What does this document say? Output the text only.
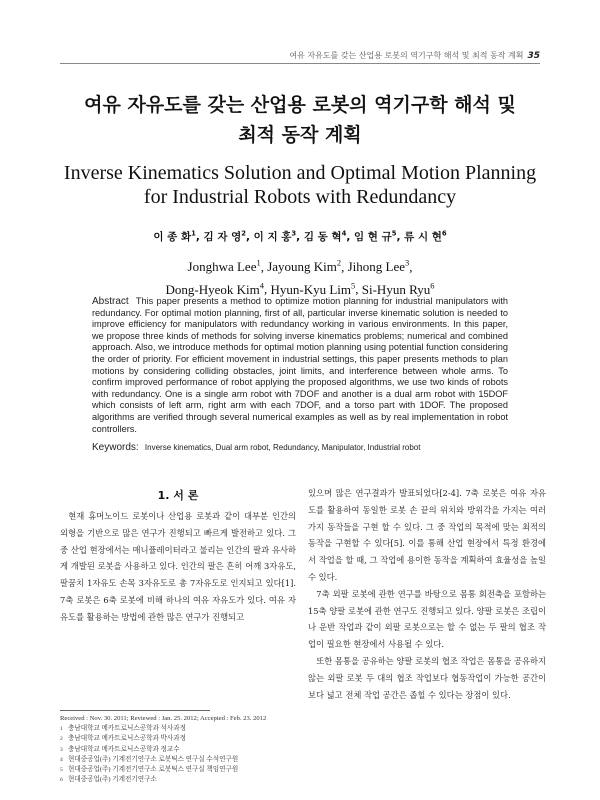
여유 자유도를 갖는 산업용 로봇의 역기구학 해석 및 최적 동작 계획 35
여유 자유도를 갖는 산업용 로봇의 역기구학 해석 및
최적 동작 계획
Inverse Kinematics Solution and Optimal Motion Planning
for Industrial Robots with Redundancy
이 종 화$^1$, 김 자 영$^2$, 이 지 홍$^3$, 김 동 혁$^4$, 임 현 규$^5$, 류 시 현$^6$
Jonghwa Lee$^1$, Jayoung Kim$^2$, Jihong Lee$^3$,
Dong-Hyeok Kim$^4$, Hyun-Kyu Lim$^5$, Si-Hyun Ryu$^6$
Abstract This paper presents a method to optimize motion planning for industrial manipulators with redundancy. For optimal motion planning, first of all, particular inverse kinematic solution is needed to improve efficiency for manipulators with redundancy working in various environments. In this paper, we propose three kinds of methods for solving inverse kinematics problems; numerical and combined approach. Also, we introduce methods for optimal motion planning using potential function considering the order of priority. For efficient movement in industrial settings, this paper presents methods to plan motions by considering colliding obstacles, joint limits, and interference between whole arms. To confirm improved performance of robot applying the proposed algorithms, we use two kinds of robots with redundancy. One is a single arm robot with 7DOF and another is a dual arm robot with 15DOF which consists of left arm, right arm with each 7DOF, and a torso part with 1DOF. The proposed algorithms are verified through several numerical examples as well as by real implementation in robot controllers.
Keywords: Inverse kinematics, Dual arm robot, Redundancy, Manipulator, Industrial robot
1. 서 론

현재 휴머노이드 로봇이나 산업용 로봇과 같이 대부분 인간의 외형을 기반으로 많은 연구가 진행되고 빠르게 발전하고 있다. 그 중 산업 현장에서는 매니퓰레이터라고 불리는 인간의 팔과 유사하게 개발된 로봇을 사용하고 있다. 인간의 팔은 흔히 어깨 3자유도, 팔꿈치 1자유도 손목 3자유도로 총 7자유도로 인지되고 있다[1]. 7축 로봇은 6축 로봇에 비해 하나의 여유 자유도가 있다. 여유 자유도를 활용하는 방법에 관한 많은 연구가 진행되고

있으며 많은 연구결과가 발표되었다[2-4]. 7축 로봇은 여유 자유도를 활용하여 동일한 로봇 손 끝의 위치와 방위각을 가지는 여러 가지 동작들을 구현 할 수 있다. 그 중 작업의 목적에 맞는 최적의 동작을 구현할 수 있다[5]. 이를 통해 산업 현장에서 특정 환경에서 작업을 할 때, 그 작업에 용이한 동작을 계획하여 효율성을 높일 수 있다.

7축 외팔 로봇에 관한 연구를 바탕으로 몸통 회전축을 포함하는 15축 양팔 로봇에 관한 연구도 진행되고 있다. 양팔 로봇은 조립이나 운반 작업과 같이 외팔 로봇으로는 할 수 없는 두 팔의 협조 작업이 필요한 현장에서 사용될 수 있다.

또한 몸통을 공유하는 양팔 로봇의 협조 작업은 몸통을 공유하지 않는 외팔 로봇 두 대의 협조 작업보다 협동작업이 가능한 공간이 보다 넓고 전체 작업 공간은 좁힐 수 있다는 장점이 있다.

Received : Nov. 30. 2011; Reviewed : Jan. 25. 2012; Accepted : Feb. 23. 2012
1 충남대학교 메카트로닉스공학과 석사과정
2 충남대학교 메카트로닉스공학과 박사과정
3 충남대학교 메카트로닉스공학과 정교수
4 현대중공업(주) 기계전기연구소 로봇틱스 연구실 수석연구원
5 현대중공업(주) 기계전기연구소 로봇틱스 연구실 책임연구원
6 현대중공업(주) 기계전기연구소
